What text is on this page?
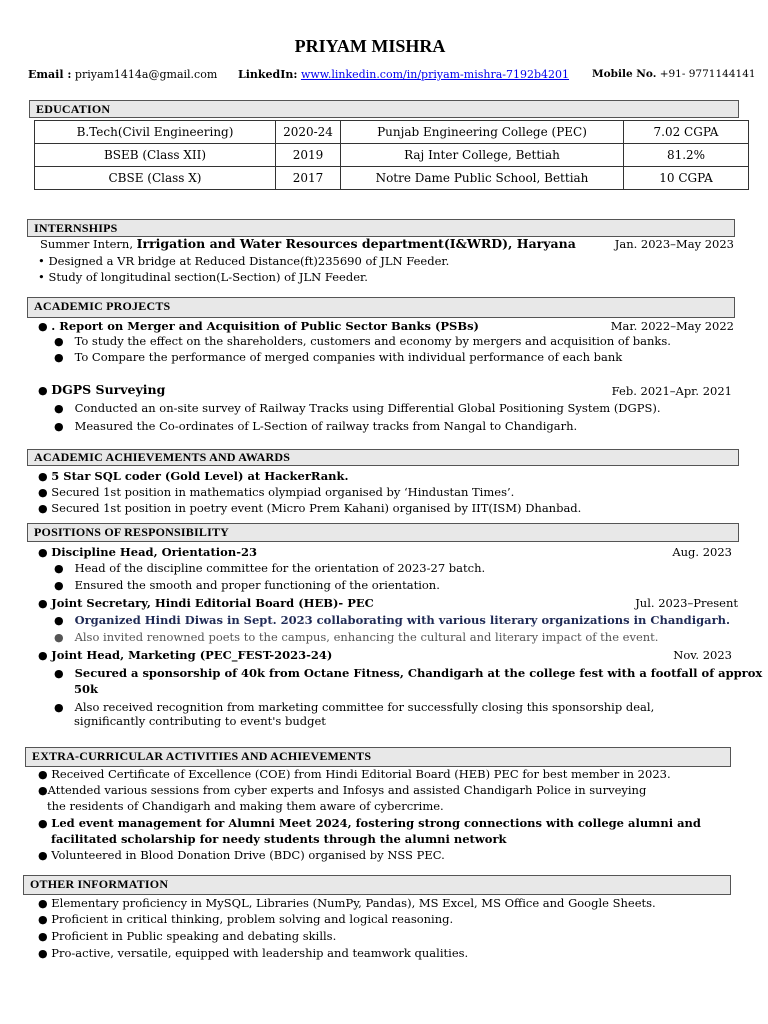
PRIYAM MISHRA
Email : priyam1414a@gmail.com LinkedIn: www.linkedin.com/in/priyam-mishra-7192b4201 Mobile No. +91- 9771144141
EDUCATION
B.Tech(Civil Engineering)	2020-24	Punjab Engineering College (PEC)	7.02 CGPA
BSEB (Class XII)	2019	Raj Inter College, Bettiah	81.2%
CBSE (Class X)	2017	Notre Dame Public School, Bettiah	10 CGPA
INTERNSHIPS
Summer Intern, Irrigation and Water Resources department(I&WRD), Haryana	Jan. 2023–May 2023
• Designed a VR bridge at Reduced Distance(ft)235690 of JLN Feeder.
• Study of longitudinal section(L-Section) of JLN Feeder.
ACADEMIC PROJECTS
● . Report on Merger and Acquisition of Public Sector Banks (PSBs)	Mar. 2022–May 2022
● To study the effect on the shareholders, customers and economy by mergers and acquisition of banks.
● To Compare the performance of merged companies with individual performance of each bank
● DGPS Surveying	Feb. 2021–Apr. 2021
● Conducted an on-site survey of Railway Tracks using Differential Global Positioning System (DGPS).
● Measured the Co-ordinates of L-Section of railway tracks from Nangal to Chandigarh.
ACADEMIC ACHIEVEMENTS AND AWARDS
● 5 Star SQL coder (Gold Level) at HackerRank.
● Secured 1st position in mathematics olympiad organised by ‘Hindustan Times’.
● Secured 1st position in poetry event (Micro Prem Kahani) organised by IIT(ISM) Dhanbad.
POSITIONS OF RESPONSIBILITY
● Discipline Head, Orientation-23	Aug. 2023
● Head of the discipline committee for the orientation of 2023-27 batch.
● Ensured the smooth and proper functioning of the orientation.
● Joint Secretary, Hindi Editorial Board (HEB)- PEC	Jul. 2023–Present
● Organized Hindi Diwas in Sept. 2023 collaborating with various literary organizations in Chandigarh.
● Also invited renowned poets to the campus, enhancing the cultural and literary impact of the event.
● Joint Head, Marketing (PEC_FEST-2023-24)	Nov. 2023
● Secured a sponsorship of 40k from Octane Fitness, Chandigarh at the college fest with a footfall of approx
50k
● Also received recognition from marketing committee for successfully closing this sponsorship deal,
significantly contributing to event's budget
EXTRA-CURRICULAR ACTIVITIES AND ACHIEVEMENTS
● Received Certificate of Excellence (COE) from Hindi Editorial Board (HEB) PEC for best member in 2023.
●Attended various sessions from cyber experts and Infosys and assisted Chandigarh Police in surveying
the residents of Chandigarh and making them aware of cybercrime.
● Led event management for Alumni Meet 2024, fostering strong connections with college alumni and
facilitated scholarship for needy students through the alumni network
● Volunteered in Blood Donation Drive (BDC) organised by NSS PEC.
OTHER INFORMATION
● Elementary proficiency in MySQL, Libraries (NumPy, Pandas), MS Excel, MS Office and Google Sheets.
● Proficient in critical thinking, problem solving and logical reasoning.
● Proficient in Public speaking and debating skills.
● Pro-active, versatile, equipped with leadership and teamwork qualities.
